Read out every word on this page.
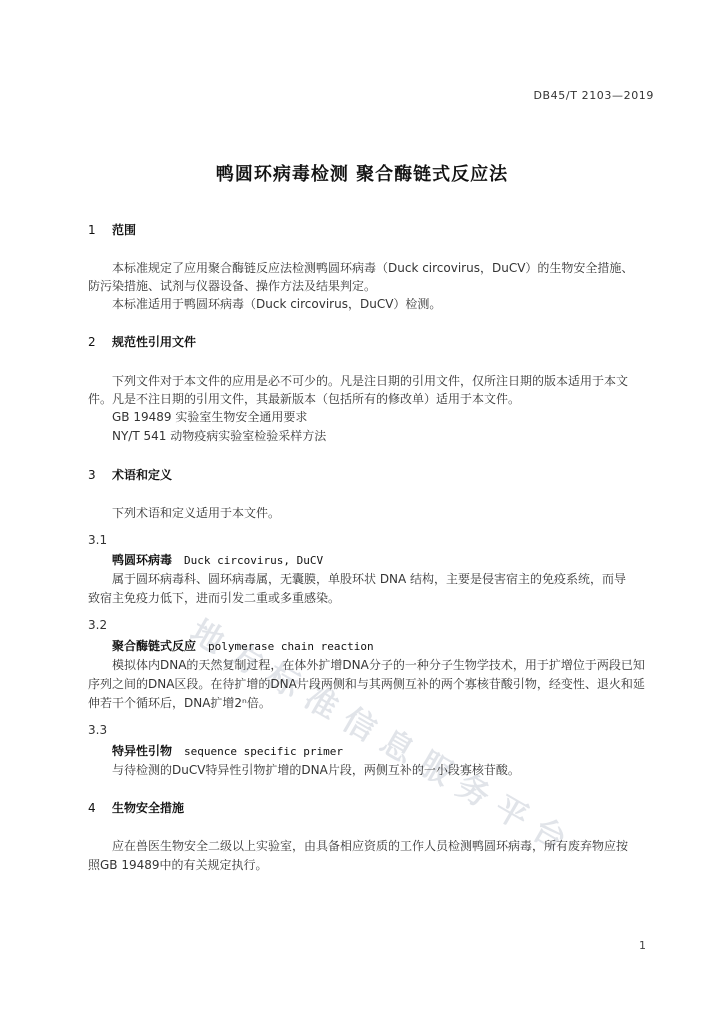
地
方
标
准
信
息
服
务
平
台
DB45/T 2103—2019
鸭圆环病毒检测 聚合酶链式反应法
1 范围
本标准规定了应用聚合酶链反应法检测鸭圆环病毒（Duck circovirus，DuCV）的生物安全措施、
防污染措施、试剂与仪器设备、操作方法及结果判定。
本标准适用于鸭圆环病毒（Duck circovirus，DuCV）检测。
2 规范性引用文件
下列文件对于本文件的应用是必不可少的。凡是注日期的引用文件，仅所注日期的版本适用于本文
件。凡是不注日期的引用文件，其最新版本（包括所有的修改单）适用于本文件。
GB 19489 实验室生物安全通用要求
NY/T 541 动物疫病实验室检验采样方法
3 术语和定义
下列术语和定义适用于本文件。
3.1
鸭圆环病毒 Duck circovirus, DuCV
属于圆环病毒科、圆环病毒属，无囊膜，单股环状 DNA 结构，主要是侵害宿主的免疫系统，而导
致宿主免疫力低下，进而引发二重或多重感染。
3.2
聚合酶链式反应 polymerase chain reaction
模拟体内DNA的天然复制过程，在体外扩增DNA分子的一种分子生物学技术，用于扩增位于两段已知
序列之间的DNA区段。在待扩增的DNA片段两侧和与其两侧互补的两个寡核苷酸引物，经变性、退火和延
伸若干个循环后，DNA扩增2ⁿ倍。
3.3
特异性引物 sequence specific primer
与待检测的DuCV特异性引物扩增的DNA片段，两侧互补的一小段寡核苷酸。
4 生物安全措施
应在兽医生物安全二级以上实验室，由具备相应资质的工作人员检测鸭圆环病毒，所有废弃物应按
照GB 19489中的有关规定执行。
1
